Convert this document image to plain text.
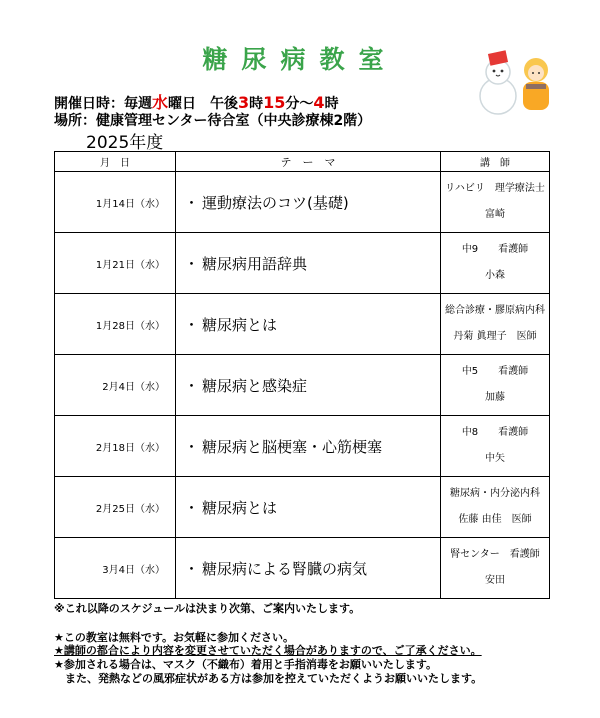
糖尿病教室
開催日時：毎週水曜日　午後3時15分～4時
場所：健康管理センター待合室（中央診療棟2階）
2025年度
月　日	テ　ー　マ	講　師
1月14日（水）	・ 運動療法のコツ(基礎)	リハビリ　理学療法士
富崎

1月21日（水）	・ 糖尿病用語辞典	中9　　看護師
小森

1月28日（水）	・ 糖尿病とは	総合診療・膠原病内科
丹菊 眞理子　医師

2月4日（水）	・ 糖尿病と感染症	中5　　看護師
加藤

2月18日（水）	・ 糖尿病と脳梗塞・心筋梗塞	中8　　看護師
中矢

2月25日（水）	・ 糖尿病とは	糖尿病・内分泌内科
佐藤 由佳　医師

3月4日（水）	・ 糖尿病による腎臓の病気	腎センター　看護師
安田
※これ以降のスケジュールは決まり次第、ご案内いたします。
★この教室は無料です。お気軽に参加ください。
★講師の都合により内容を変更させていただく場合がありますので、ご了承ください。
★参加される場合は、マスク（不織布）着用と手指消毒をお願いいたします。
　また、発熱などの風邪症状がある方は参加を控えていただくようお願いいたします。
